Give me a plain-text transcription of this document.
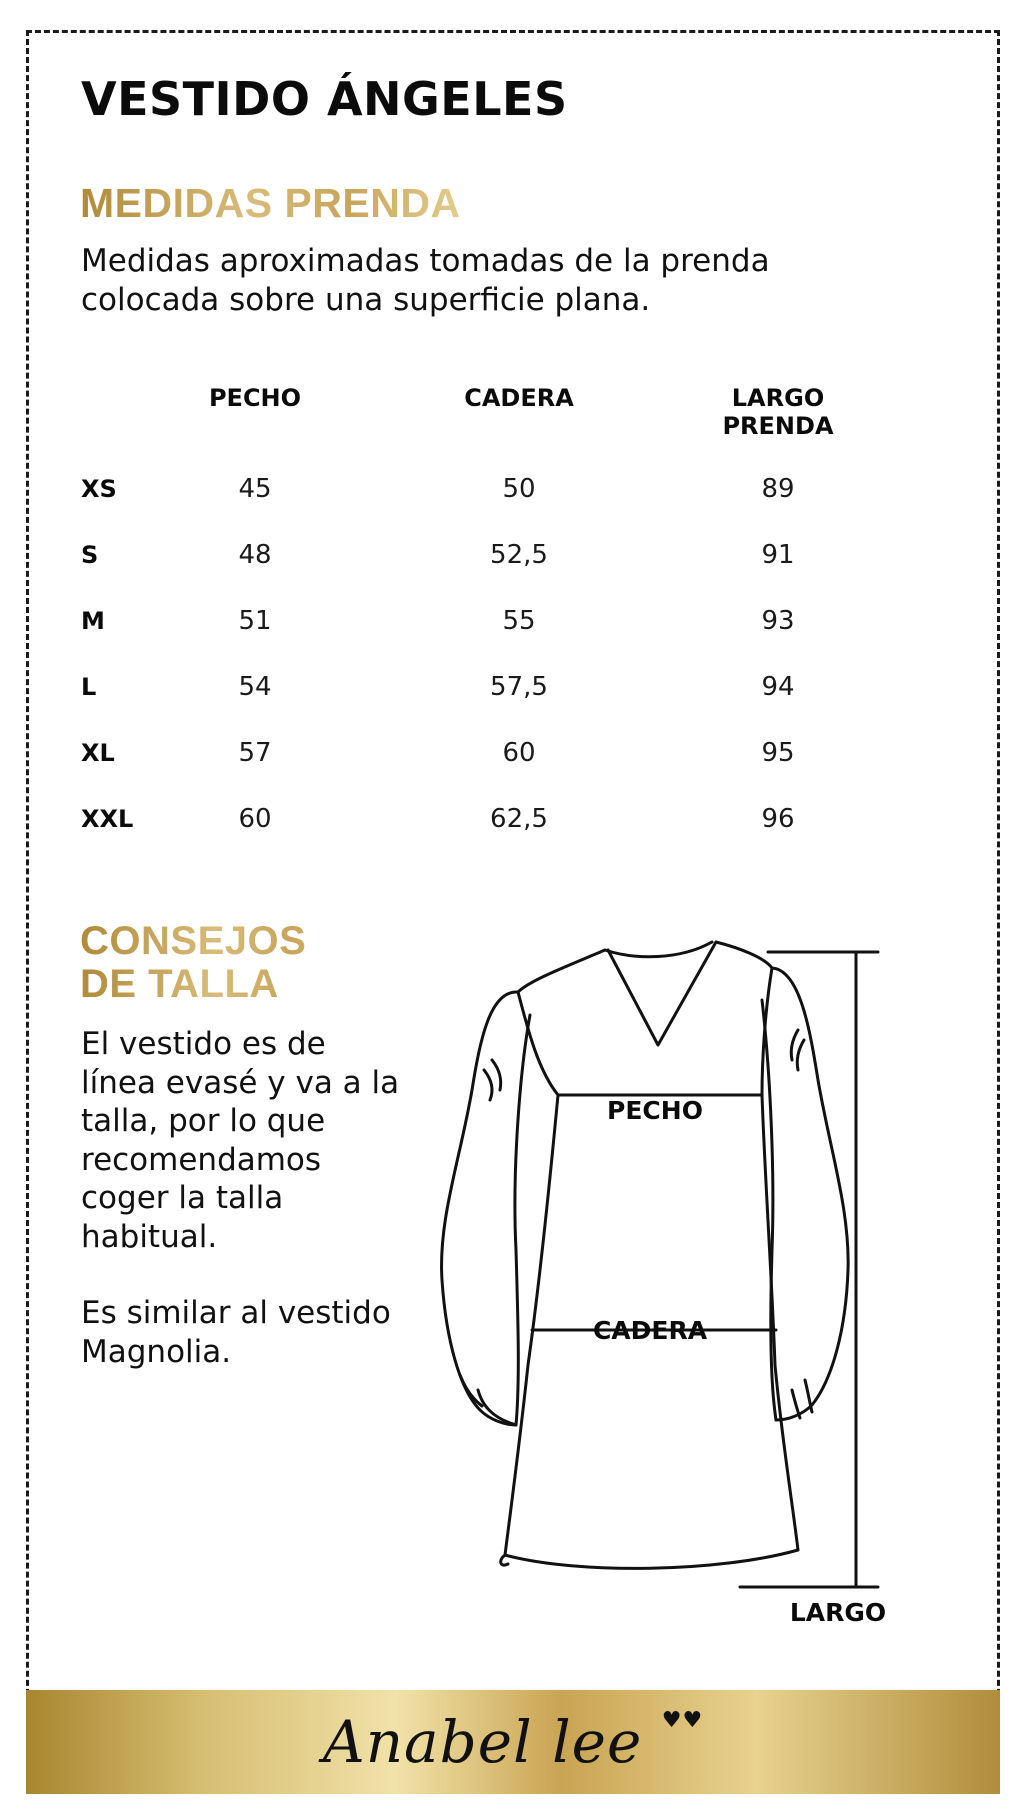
VESTIDO ÁNGELES
MEDIDAS PRENDA

Medidas aproximadas tomadas de la prenda
colocada sobre una superficie plana.

PECHO	CADERA	LARGO
PRENDA
XS	45	50	89
S	48	52,5	91
M	51	55	93
L	54	57,5	94
XL	57	60	95
XXL	60	62,5	96
CONSEJOS
DE TALLA

El vestido es de línea evasé y va a la talla, por lo que recomendamos coger la talla habitual.

Es similar al vestido Magnolia.

PECHO
CADERA
LARGO
Anabel lee ♥♥
